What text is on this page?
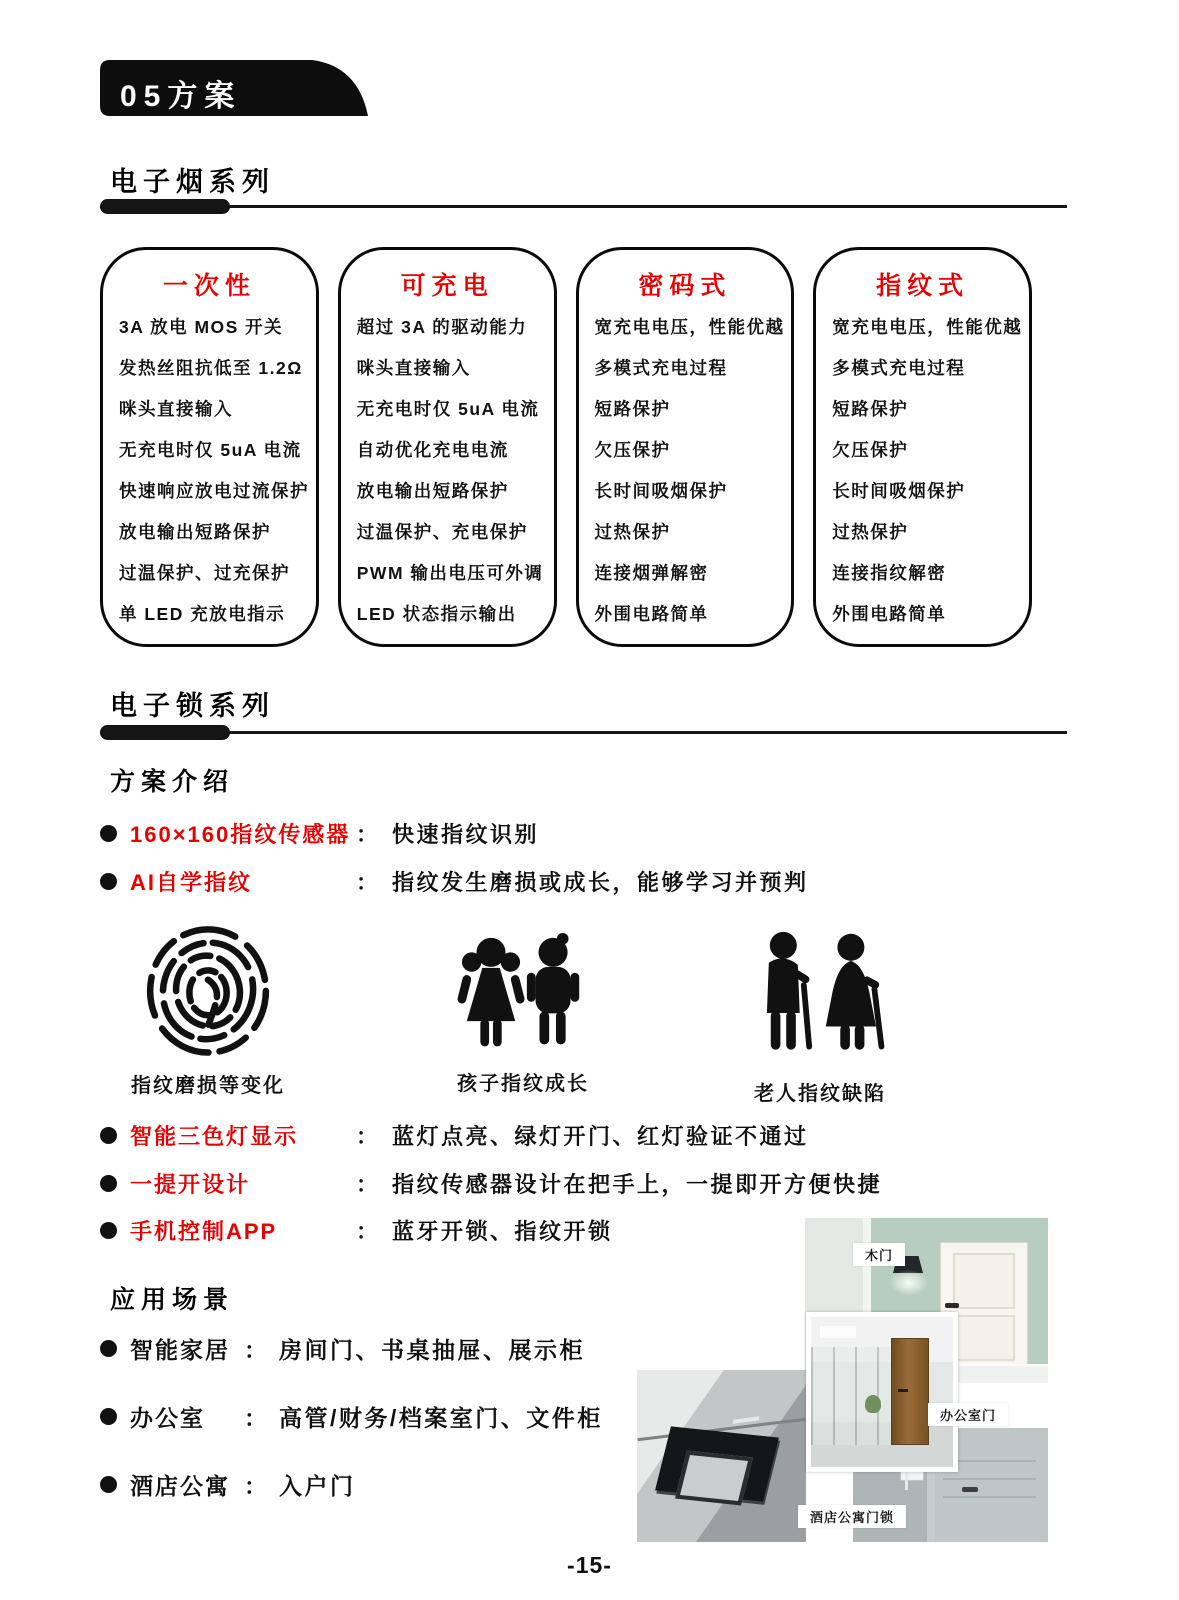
05方案
电子烟系列
一次性
3A 放电 MOS 开关
发热丝阻抗低至 1.2Ω
咪头直接输入
无充电时仅 5uA 电流
快速响应放电过流保护
放电输出短路保护
过温保护、过充保护
单 LED 充放电指示
可充电
超过 3A 的驱动能力
咪头直接输入
无充电时仅 5uA 电流
自动优化充电电流
放电输出短路保护
过温保护、充电保护
PWM 输出电压可外调
LED 状态指示输出
密码式
宽充电电压，性能优越
多模式充电过程
短路保护
欠压保护
长时间吸烟保护
过热保护
连接烟弹解密
外围电路简单
指纹式
宽充电电压，性能优越
多模式充电过程
短路保护
欠压保护
长时间吸烟保护
过热保护
连接指纹解密
外围电路简单
电子锁系列
方案介绍
160×160指纹传感器 ： 快速指纹识别
AI自学指纹	： 指纹发生磨损或成长，能够学习并预判
指纹磨损等变化	孩子指纹成长	老人指纹缺陷
智能三色灯显示	： 蓝灯点亮、绿灯开门、红灯验证不通过
一提开设计	： 指纹传感器设计在把手上，一提即开方便快捷
手机控制APP	： 蓝牙开锁、指纹开锁
应用场景
智能家居 ： 房间门、书桌抽屉、展示柜
办公室	： 高管/财务/档案室门、文件柜
酒店公寓 ： 入户门
木门
办公室门
酒店公寓门锁
-15-
